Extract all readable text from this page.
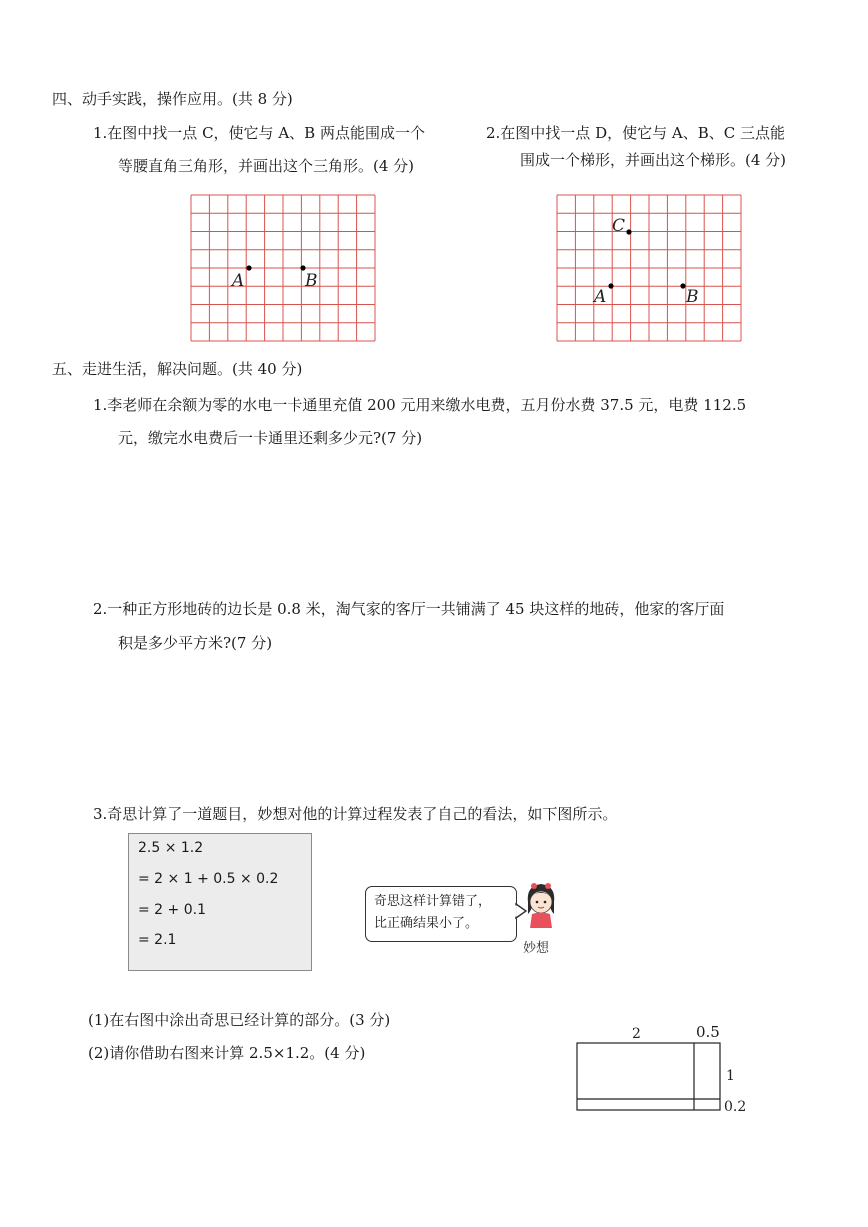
四、动手实践，操作应用。(共 8 分)
1.在图中找一点 C，使它与 A、B 两点能围成一个
等腰直角三角形，并画出这个三角形。(4 分)
2.在图中找一点 D，使它与 A、B、C 三点能
围成一个梯形，并画出这个梯形。(4 分)
A	B
C
A	B
五、走进生活，解决问题。(共 40 分)
1.李老师在余额为零的水电一卡通里充值 200 元用来缴水电费，五月份水费 37.5 元，电费 112.5
元，缴完水电费后一卡通里还剩多少元?(7 分)
2.一种正方形地砖的边长是 0.8 米，淘气家的客厅一共铺满了 45 块这样的地砖，他家的客厅面
积是多少平方米?(7 分)
3.奇思计算了一道题目，妙想对他的计算过程发表了自己的看法，如下图所示。
2.5 × 1.2
= 2 × 1 + 0.5 × 0.2
= 2 + 0.1
= 2.1
奇思这样计算错了，
比正确结果小了。
妙想
(1)在右图中涂出奇思已经计算的部分。(3 分)
(2)请你借助右图来计算 2.5×1.2。(4 分)
2
1
0.2
0.5
